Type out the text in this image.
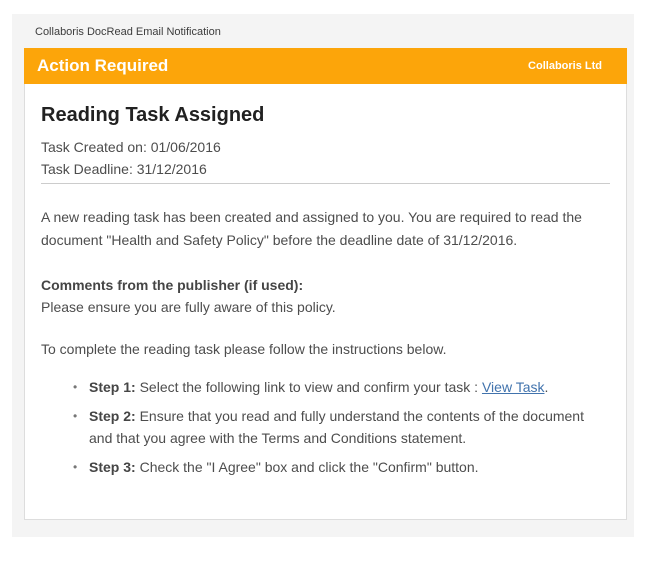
Collaboris DocRead Email Notification
Action Required	Collaboris Ltd
Reading Task Assigned

Task Created on: 01/06/2016

Task Deadline: 31/12/2016

A new reading task has been created and assigned to you. You are required to read the document "Health and Safety Policy" before the deadline date of 31/12/2016.

Comments from the publisher (if used):

Please ensure you are fully aware of this policy.

To complete the reading task please follow the instructions below.

• Step 1: Select the following link to view and confirm your task : View Task.
• Step 2: Ensure that you read and fully understand the contents of the document and that you agree with the Terms and Conditions statement.
• Step 3: Check the "I Agree" box and click the "Confirm" button.
